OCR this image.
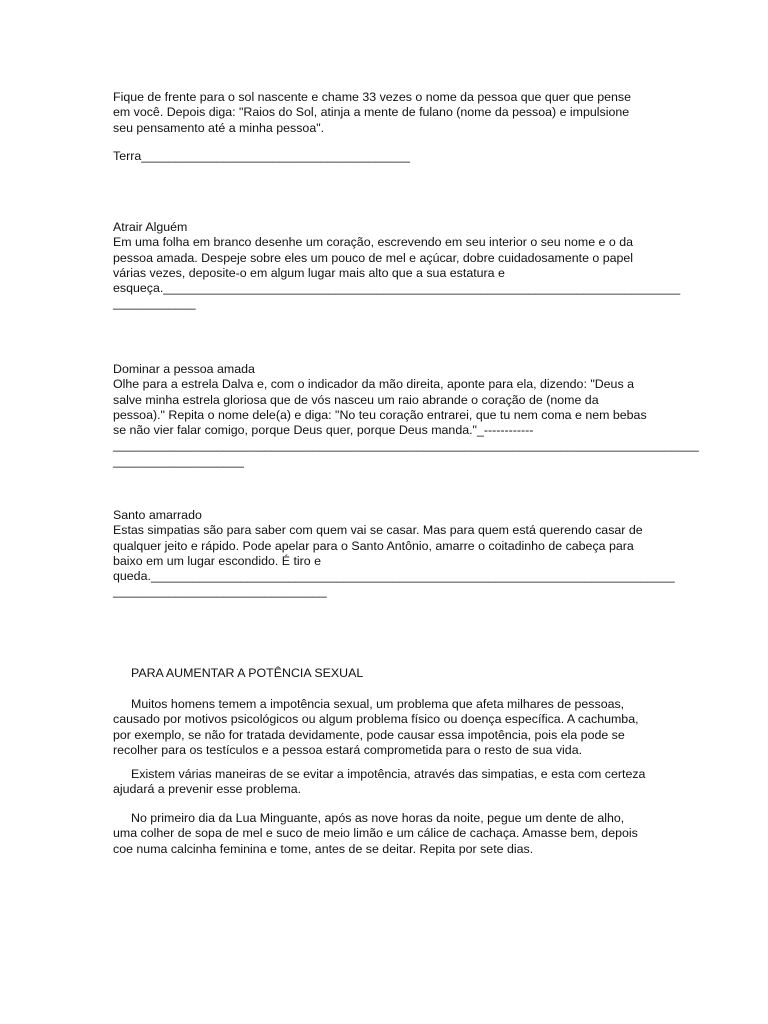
Fique de frente para o sol nascente e chame 33 vezes o nome da pessoa que quer que pense
em você. Depois diga: "Raios do Sol, atinja a mente de fulano (nome da pessoa) e impulsione
seu pensamento até a minha pessoa".
Terra_______________________________________
Atrair Alguém
Em uma folha em branco desenhe um coração, escrevendo em seu interior o seu nome e o da
pessoa amada. Despeje sobre eles um pouco de mel e açúcar, dobre cuidadosamente o papel
várias vezes, deposite-o em algum lugar mais alto que a sua estatura e
esqueça.___________________________________________________________________________
____________
Dominar a pessoa amada
Olhe para a estrela Dalva e, com o indicador da mão direita, aponte para ela, dizendo: "Deus a
salve minha estrela gloriosa que de vós nasceu um raio abrande o coração de (nome da
pessoa)." Repita o nome dele(a) e diga: "No teu coração entrarei, que tu nem coma e nem bebas
se não vier falar comigo, porque Deus quer, porque Deus manda."_------------
_____________________________________________________________________________________
___________________
Santo amarrado
Estas simpatias são para saber com quem vai se casar. Mas para quem está querendo casar de
qualquer jeito e rápido. Pode apelar para o Santo Antônio, amarre o coitadinho de cabeça para
baixo em um lugar escondido. É tiro e
queda.____________________________________________________________________________
_______________________________
PARA AUMENTAR A POTÊNCIA SEXUAL
Muitos homens temem a impotência sexual, um problema que afeta milhares de pessoas,
causado por motivos psicológicos ou algum problema físico ou doença específica. A cachumba,
por exemplo, se não for tratada devidamente, pode causar essa impotência, pois ela pode se
recolher para os testículos e a pessoa estará comprometida para o resto de sua vida.
Existem várias maneiras de se evitar a impotência, através das simpatias, e esta com certeza
ajudará a prevenir esse problema.
No primeiro dia da Lua Minguante, após as nove horas da noite, pegue um dente de alho,
uma colher de sopa de mel e suco de meio limão e um cálice de cachaça. Amasse bem, depois
coe numa calcinha feminina e tome, antes de se deitar. Repita por sete dias.
